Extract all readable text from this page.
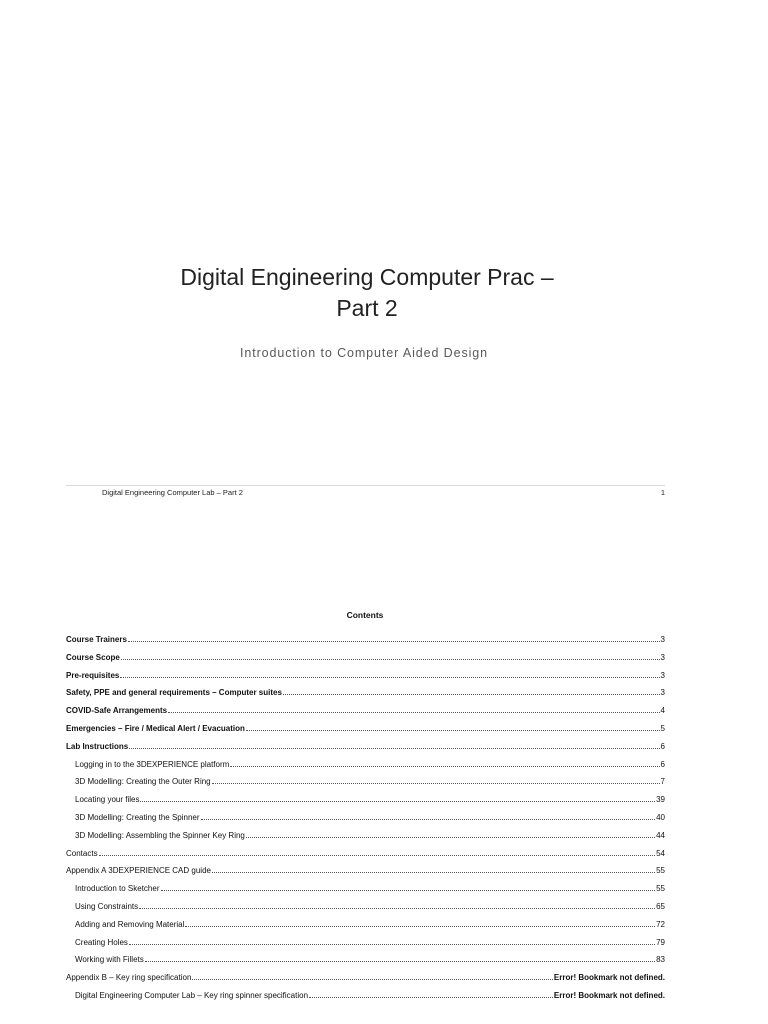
Digital Engineering Computer Prac –
Part 2
Introduction to Computer Aided Design
Digital Engineering Computer Lab – Part 2	1
Contents
Course Trainers	3
Course Scope	3
Pre-requisites	3
Safety, PPE and general requirements – Computer suites	3
COVID-Safe Arrangements	4
Emergencies – Fire / Medical Alert / Evacuation	5
Lab Instructions	6
Logging in to the 3DEXPERIENCE platform	6
3D Modelling: Creating the Outer Ring	7
Locating your files	39
3D Modelling: Creating the Spinner	40
3D Modelling: Assembling the Spinner Key Ring	44
Contacts	54
Appendix A 3DEXPERIENCE CAD guide	55
Introduction to Sketcher	55
Using Constraints	65
Adding and Removing Material	72
Creating Holes	79
Working with Fillets	83
Appendix B – Key ring specification	Error! Bookmark not defined.
Digital Engineering Computer Lab – Key ring spinner specification	Error! Bookmark not defined.
